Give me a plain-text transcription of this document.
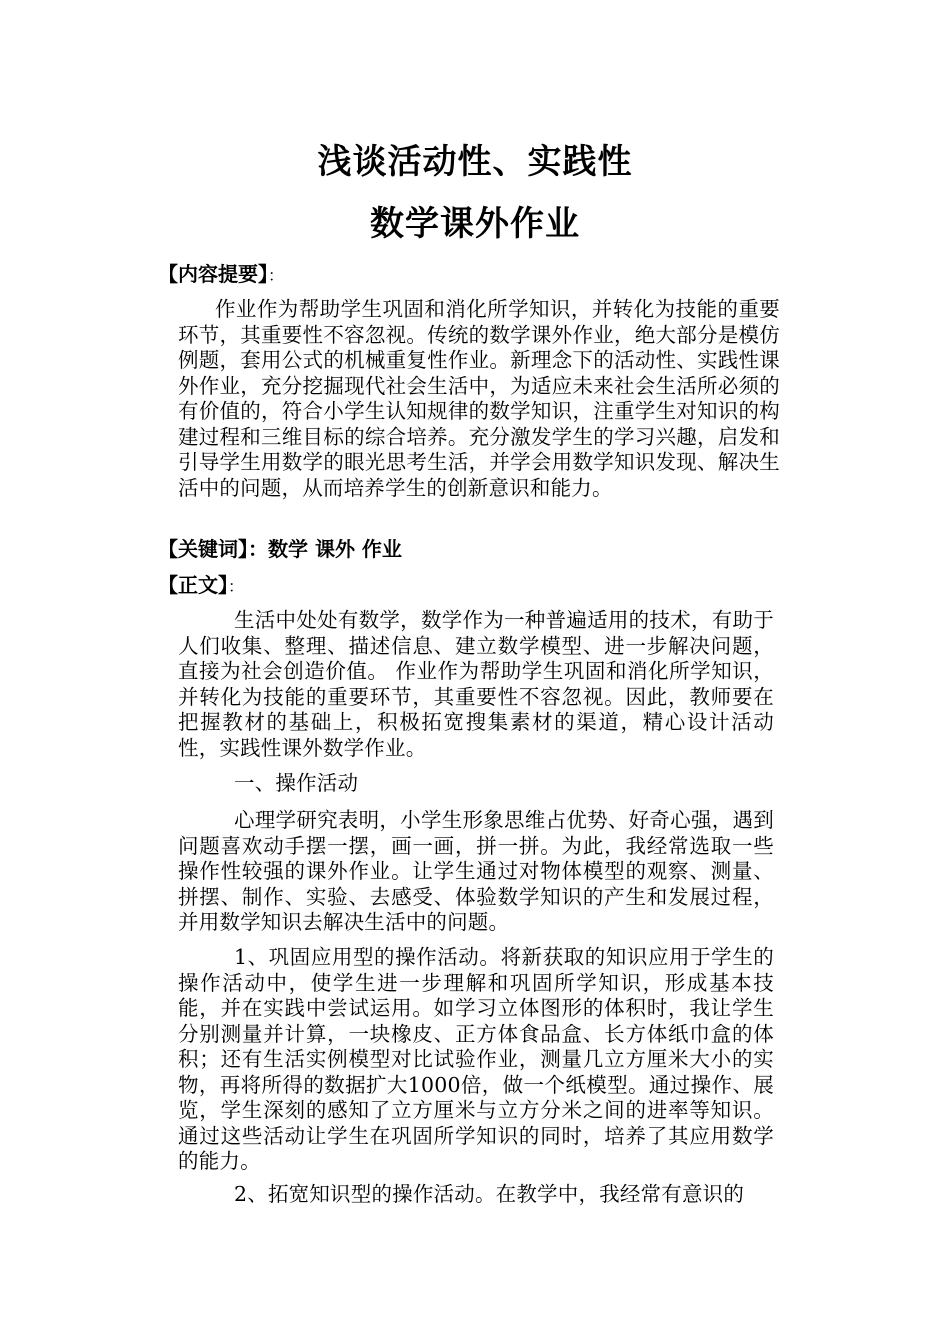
浅谈活动性、实践性
数学课外作业
【内容提要】：

作业作为帮助学生巩固和消化所学知识，并转化为技能的重要环节，其重要性不容忽视。传统的数学课外作业，绝大部分是模仿例题，套用公式的机械重复性作业。新理念下的活动性、实践性课外作业，充分挖掘现代社会生活中，为适应未来社会生活所必须的有价值的，符合小学生认知规律的数学知识，注重学生对知识的构建过程和三维目标的综合培养。充分激发学生的学习兴趣，启发和引导学生用数学的眼光思考生活，并学会用数学知识发现、解决生活中的问题，从而培养学生的创新意识和能力。

【关键词】：数学 课外 作业
【正文】：

生活中处处有数学，数学作为一种普遍适用的技术，有助于人们收集、整理、描述信息、建立数学模型、进一步解决问题，直接为社会创造价值。 作业作为帮助学生巩固和消化所学知识，并转化为技能的重要环节，其重要性不容忽视。因此，教师要在把握教材的基础上，积极拓宽搜集素材的渠道，精心设计活动性，实践性课外数学作业。

一、操作活动

心理学研究表明，小学生形象思维占优势、好奇心强，遇到问题喜欢动手摆一摆，画一画，拼一拼。为此，我经常选取一些操作性较强的课外作业。让学生通过对物体模型的观察、测量、拼摆、制作、实验、去感受、体验数学知识的产生和发展过程，并用数学知识去解决生活中的问题。

1、巩固应用型的操作活动。将新获取的知识应用于学生的操作活动中，使学生进一步理解和巩固所学知识，形成基本技能，并在实践中尝试运用。如学习立体图形的体积时，我让学生分别测量并计算，一块橡皮、正方体食品盒、长方体纸巾盒的体积；还有生活实例模型对比试验作业，测量几立方厘米大小的实物，再将所得的数据扩大1000倍，做一个纸模型。通过操作、展览，学生深刻的感知了立方厘米与立方分米之间的进率等知识。通过这些活动让学生在巩固所学知识的同时，培养了其应用数学的能力。

2、拓宽知识型的操作活动。在教学中，我经常有意识的
